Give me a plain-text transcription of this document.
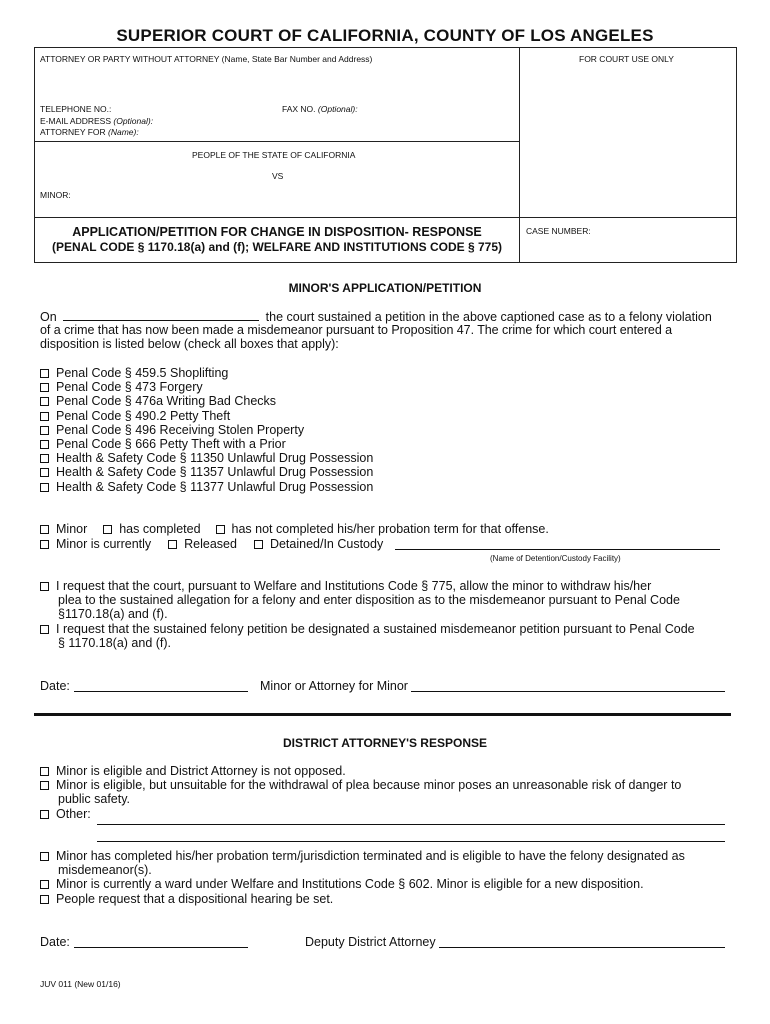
SUPERIOR COURT OF CALIFORNIA, COUNTY OF LOS ANGELES
ATTORNEY OR PARTY WITHOUT ATTORNEY (Name, State Bar Number and Address)	FOR COURT USE ONLY
TELEPHONE NO.:	FAX NO. (Optional):
E-MAIL ADDRESS (Optional):
ATTORNEY FOR (Name):
PEOPLE OF THE STATE OF CALIFORNIA
VS
MINOR:
APPLICATION/PETITION FOR CHANGE IN DISPOSITION- RESPONSE
(PENAL CODE § 1170.18(a) and (f); WELFARE AND INSTITUTIONS CODE § 775)
CASE NUMBER:
MINOR'S APPLICATION/PETITION
On	the court sustained a petition in the above captioned case as to a felony violation
of a crime that has now been made a misdemeanor pursuant to Proposition 47. The crime for which court entered a
disposition is listed below (check all boxes that apply):
Penal Code § 459.5 Shoplifting
Penal Code § 473 Forgery
Penal Code § 476a Writing Bad Checks
Penal Code § 490.2 Petty Theft
Penal Code § 496 Receiving Stolen Property
Penal Code § 666 Petty Theft with a Prior
Health & Safety Code § 11350 Unlawful Drug Possession
Health & Safety Code § 11357 Unlawful Drug Possession
Health & Safety Code § 11377 Unlawful Drug Possession
Minor	has completed has not completed his/her probation term for that offense.
Minor is currently	Released	Detained/In Custody
(Name of Detention/Custody Facility)
I request that the court, pursuant to Welfare and Institutions Code § 775, allow the minor to withdraw his/her
plea to the sustained allegation for a felony and enter disposition as to the misdemeanor pursuant to Penal Code
§1170.18(a) and (f).
I request that the sustained felony petition be designated a sustained misdemeanor petition pursuant to Penal Code
§ 1170.18(a) and (f).
Date:	Minor or Attorney for Minor
DISTRICT ATTORNEY'S RESPONSE
Minor is eligible and District Attorney is not opposed.
Minor is eligible, but unsuitable for the withdrawal of plea because minor poses an unreasonable risk of danger to
public safety.
Other:
Minor has completed his/her probation term/jurisdiction terminated and is eligible to have the felony designated as
misdemeanor(s).
Minor is currently a ward under Welfare and Institutions Code § 602. Minor is eligible for a new disposition.
People request that a dispositional hearing be set.
Date:	Deputy District Attorney
JUV 011 (New 01/16)
